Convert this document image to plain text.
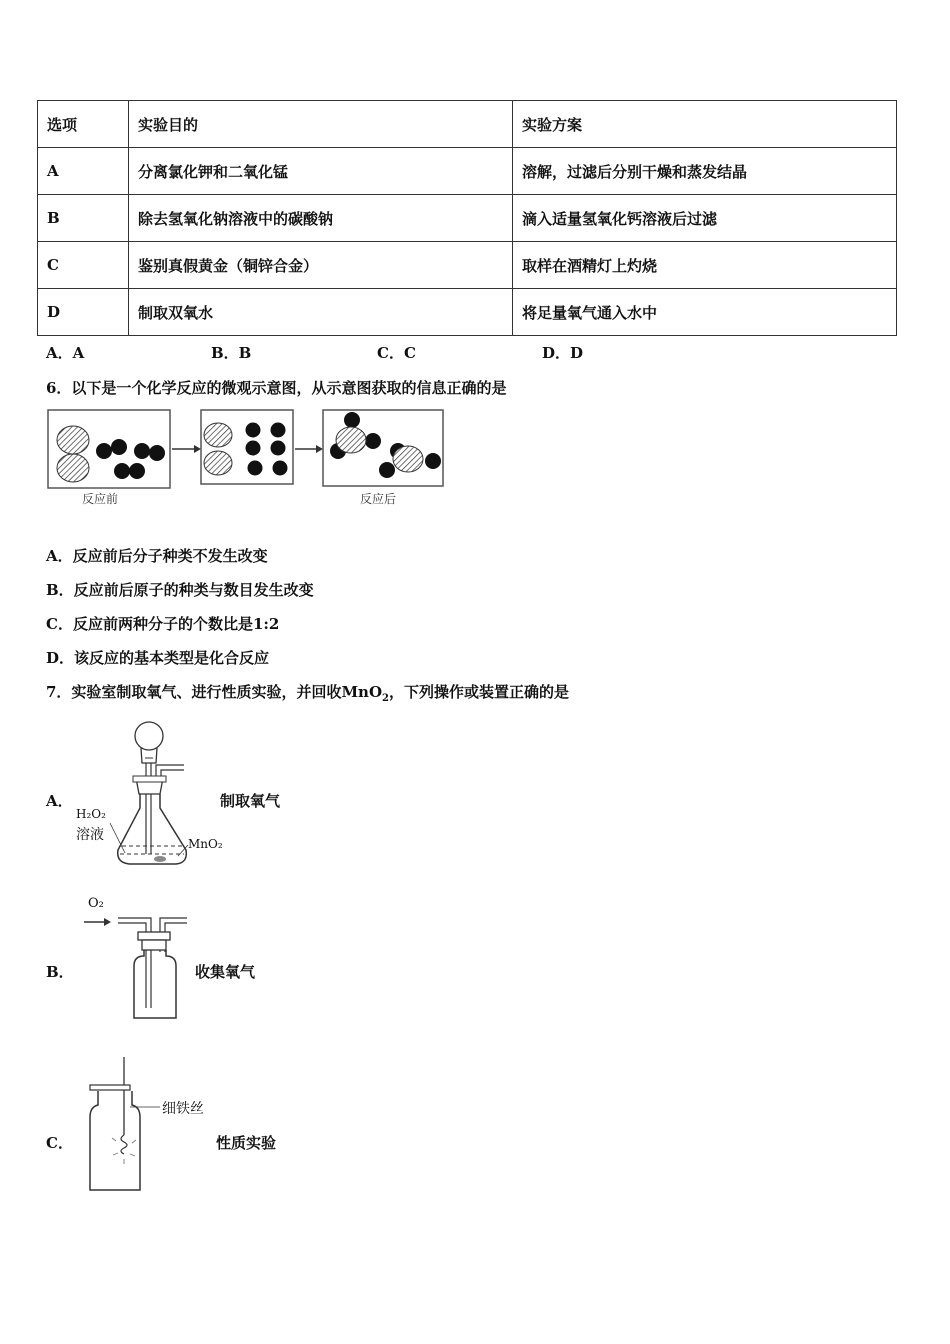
选项	实验目的	实验方案
A	分离氯化钾和二氧化锰	溶解，过滤后分别干燥和蒸发结晶
B	除去氢氧化钠溶液中的碳酸钠	滴入适量氢氧化钙溶液后过滤
C	鉴别真假黄金（铜锌合金）	取样在酒精灯上灼烧
D	制取双氧水	将足量氧气通入水中
A．A	B．B	C．C	D．D
6．以下是一个化学反应的微观示意图，从示意图获取的信息正确的是
反应前	反应后
A．反应前后分子种类不发生改变
B．反应前后原子的种类与数目发生改变
C．反应前两种分子的个数比是1:2
D．该反应的基本类型是化合反应
7．实验室制取氧气、进行性质实验，并回收MnO$_2$，下列操作或装置正确的是
A．
H₂O₂
溶液
MnO₂
制取氧气
B．
O₂
收集氧气
C．
细铁丝
性质实验
